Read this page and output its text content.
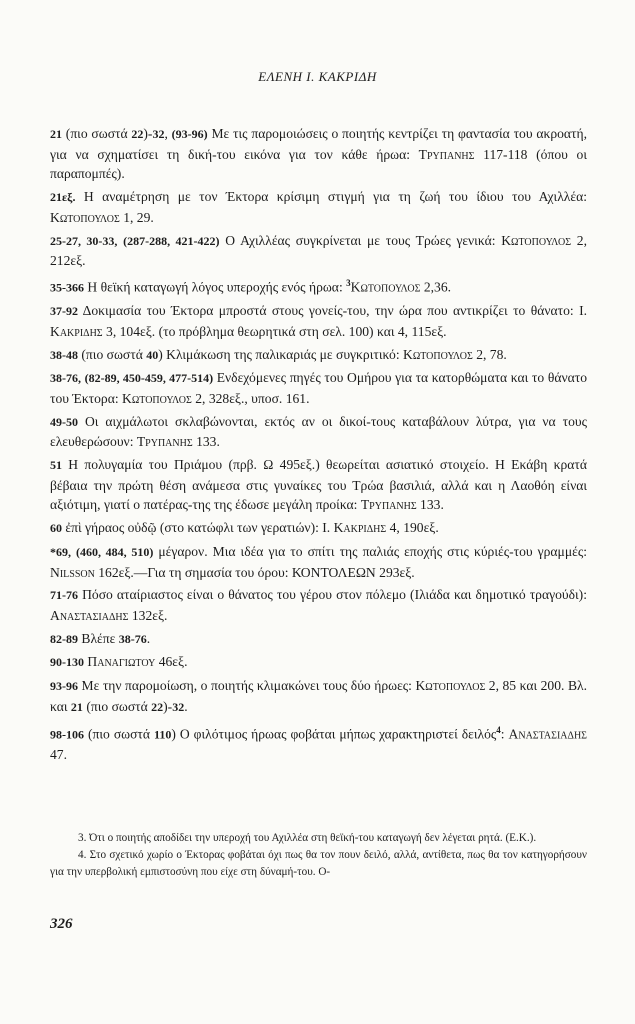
ΕΛΕΝΗ Ι. ΚΑΚΡΙΔΗ

21 (πιο σωστά 22)-32, (93-96) Με τις παρομοιώσεις ο ποιητής κεντρίζει τη φαντασία του ακροατή, για να σχηματίσει τη δική-του εικόνα για τον κάθε ήρωα: Τρυπανης 117-118 (όπου οι παραπομπές).

21εξ. Η αναμέτρηση με τον Έκτορα κρίσιμη στιγμή για τη ζωή του ίδιου του Αχιλλέα: Κωτοπουλος 1, 29.

25-27, 30-33, (287-288, 421-422) Ο Αχιλλέας συγκρίνεται με τους Τρώες γενικά: Κωτοπουλος 2, 212εξ.

35-366 Η θεϊκή καταγωγή λόγος υπεροχής ενός ήρωα: $^3$Κωτοπουλος 2,36.

37-92 Δοκιμασία του Έκτορα μπροστά στους γονείς-του, την ώρα που αντικρίζει το θάνατο: Ι. Κακριδης 3, 104εξ. (το πρόβλημα θεωρητικά στη σελ. 100) και 4, 115εξ.

38-48 (πιο σωστά 40) Κλιμάκωση της παλικαριάς με συγκριτικό: Κωτοπουλος 2, 78.

38-76, (82-89, 450-459, 477-514) Ενδεχόμενες πηγές του Ομήρου για τα κατορθώματα και το θάνατο του Έκτορα: Κωτοπουλος 2, 328εξ., υποσ. 161.

49-50 Οι αιχμάλωτοι σκλαβώνονται, εκτός αν οι δικοί-τους καταβάλουν λύτρα, για να τους ελευθερώσουν: Τρυπανης 133.

51 Η πολυγαμία του Πριάμου (πρβ. Ω 495εξ.) θεωρείται ασιατικό στοιχείο. Η Εκάβη κρατά βέβαια την πρώτη θέση ανάμεσα στις γυναίκες του Τρώα βασιλιά, αλλά και η Λαοθόη είναι αξιότιμη, γιατί ο πατέρας-της της έδωσε μεγάλη προίκα: Τρυπανης 133.

60 ἐπὶ γήραος οὐδῷ (στο κατώφλι των γερατιών): Ι. Κακριδης 4, 190εξ.

*69, (460, 484, 510) μέγαρον. Μια ιδέα για το σπίτι της παλιάς εποχής στις κύριές-του γραμμές: Nilsson 162εξ.—Για τη σημασία του όρου: ΚΟΝΤΟΛΕΩΝ 293εξ.

71-76 Πόσο αταίριαστος είναι ο θάνατος του γέρου στον πόλεμο (Ιλιάδα και δημοτικό τραγούδι): Αναστασιαδης 132εξ.

82-89 Βλέπε 38-76.

90-130 Παναγιωτου 46εξ.

93-96 Με την παρομοίωση, ο ποιητής κλιμακώνει τους δύο ήρωες: Κωτοπουλος 2, 85 και 200. Βλ. και 21 (πιο σωστά 22)-32.

98-106 (πιο σωστά 110) Ο φιλότιμος ήρωας φοβάται μήπως χαρακτηριστεί δειλός$^4$: Αναστασιαδης 47.

3. Ότι ο ποιητής αποδίδει την υπεροχή του Αχιλλέα στη θεϊκή-του καταγωγή δεν λέγεται ρητά. (Ε.Κ.).

4. Στο σχετικό χωρίο ο Έκτορας φοβάται όχι πως θα τον πουν δειλό, αλλά, αντίθετα, πως θα τον κατηγορήσουν για την υπερβολική εμπιστοσύνη που είχε στη δύναμή-του. Ο-

326
